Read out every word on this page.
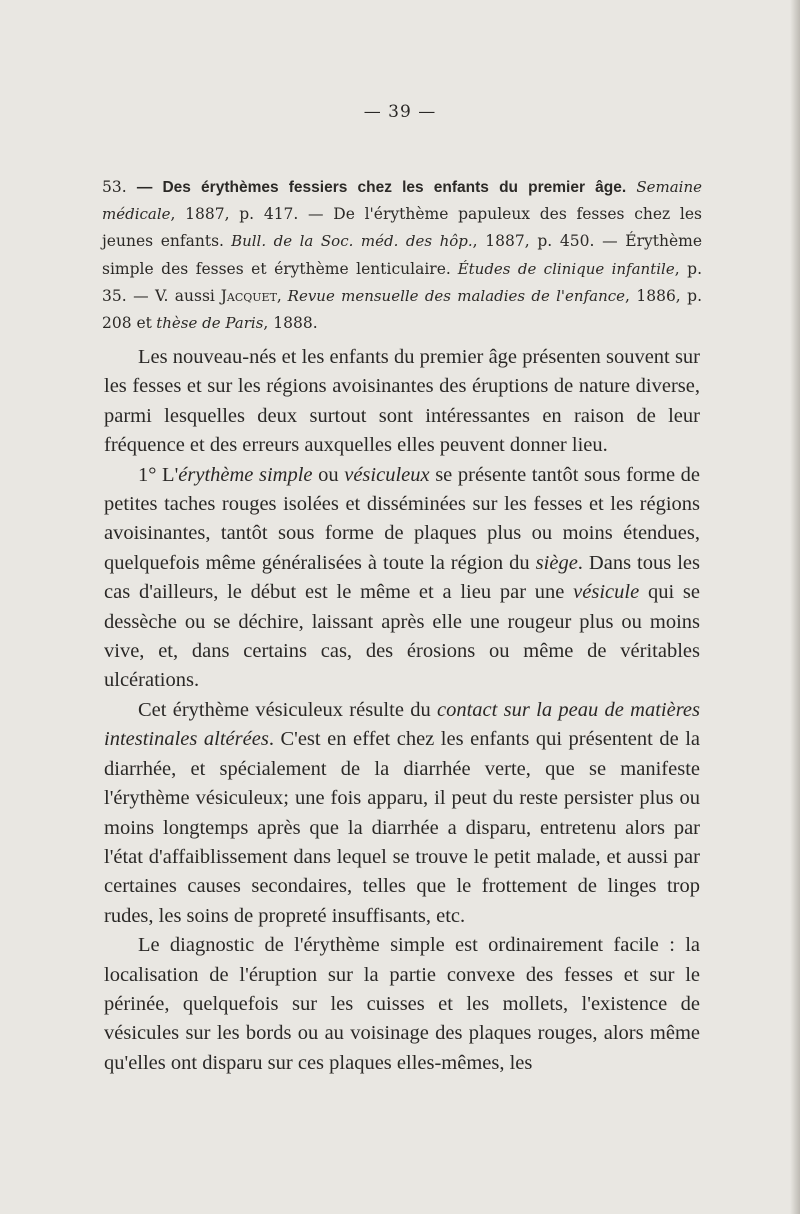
— 39 —
53. — Des érythèmes fessiers chez les enfants du premier âge. Semaine médicale, 1887, p. 417. — De l'érythème papuleux des fesses chez les jeunes enfants. Bull. de la Soc. méd. des hôp., 1887, p. 450. — Érythème simple des fesses et érythème lenticulaire. Études de clinique infantile, p. 35. — V. aussi Jacquet, Revue mensuelle des maladies de l'enfance, 1886, p. 208 et thèse de Paris, 1888.

Les nouveau-nés et les enfants du premier âge présenten souvent sur les fesses et sur les régions avoisinantes des éruptions de nature diverse, parmi lesquelles deux surtout sont intéressantes en raison de leur fréquence et des erreurs auxquelles elles peuvent donner lieu.

1° L'érythème simple ou vésiculeux se présente tantôt sous forme de petites taches rouges isolées et disséminées sur les fesses et les régions avoisinantes, tantôt sous forme de plaques plus ou moins étendues, quelquefois même généralisées à toute la région du siège. Dans tous les cas d'ailleurs, le début est le même et a lieu par une vésicule qui se dessèche ou se déchire, laissant après elle une rougeur plus ou moins vive, et, dans certains cas, des érosions ou même de véritables ulcérations.

Cet érythème vésiculeux résulte du contact sur la peau de matières intestinales altérées. C'est en effet chez les enfants qui présentent de la diarrhée, et spécialement de la diarrhée verte, que se manifeste l'érythème vésiculeux; une fois apparu, il peut du reste persister plus ou moins longtemps après que la diarrhée a disparu, entretenu alors par l'état d'affaiblissement dans lequel se trouve le petit malade, et aussi par certaines causes secondaires, telles que le frottement de linges trop rudes, les soins de propreté insuffisants, etc.

Le diagnostic de l'érythème simple est ordinairement facile : la localisation de l'éruption sur la partie convexe des fesses et sur le périnée, quelquefois sur les cuisses et les mollets, l'existence de vésicules sur les bords ou au voisinage des plaques rouges, alors même qu'elles ont disparu sur ces plaques elles-mêmes, les
